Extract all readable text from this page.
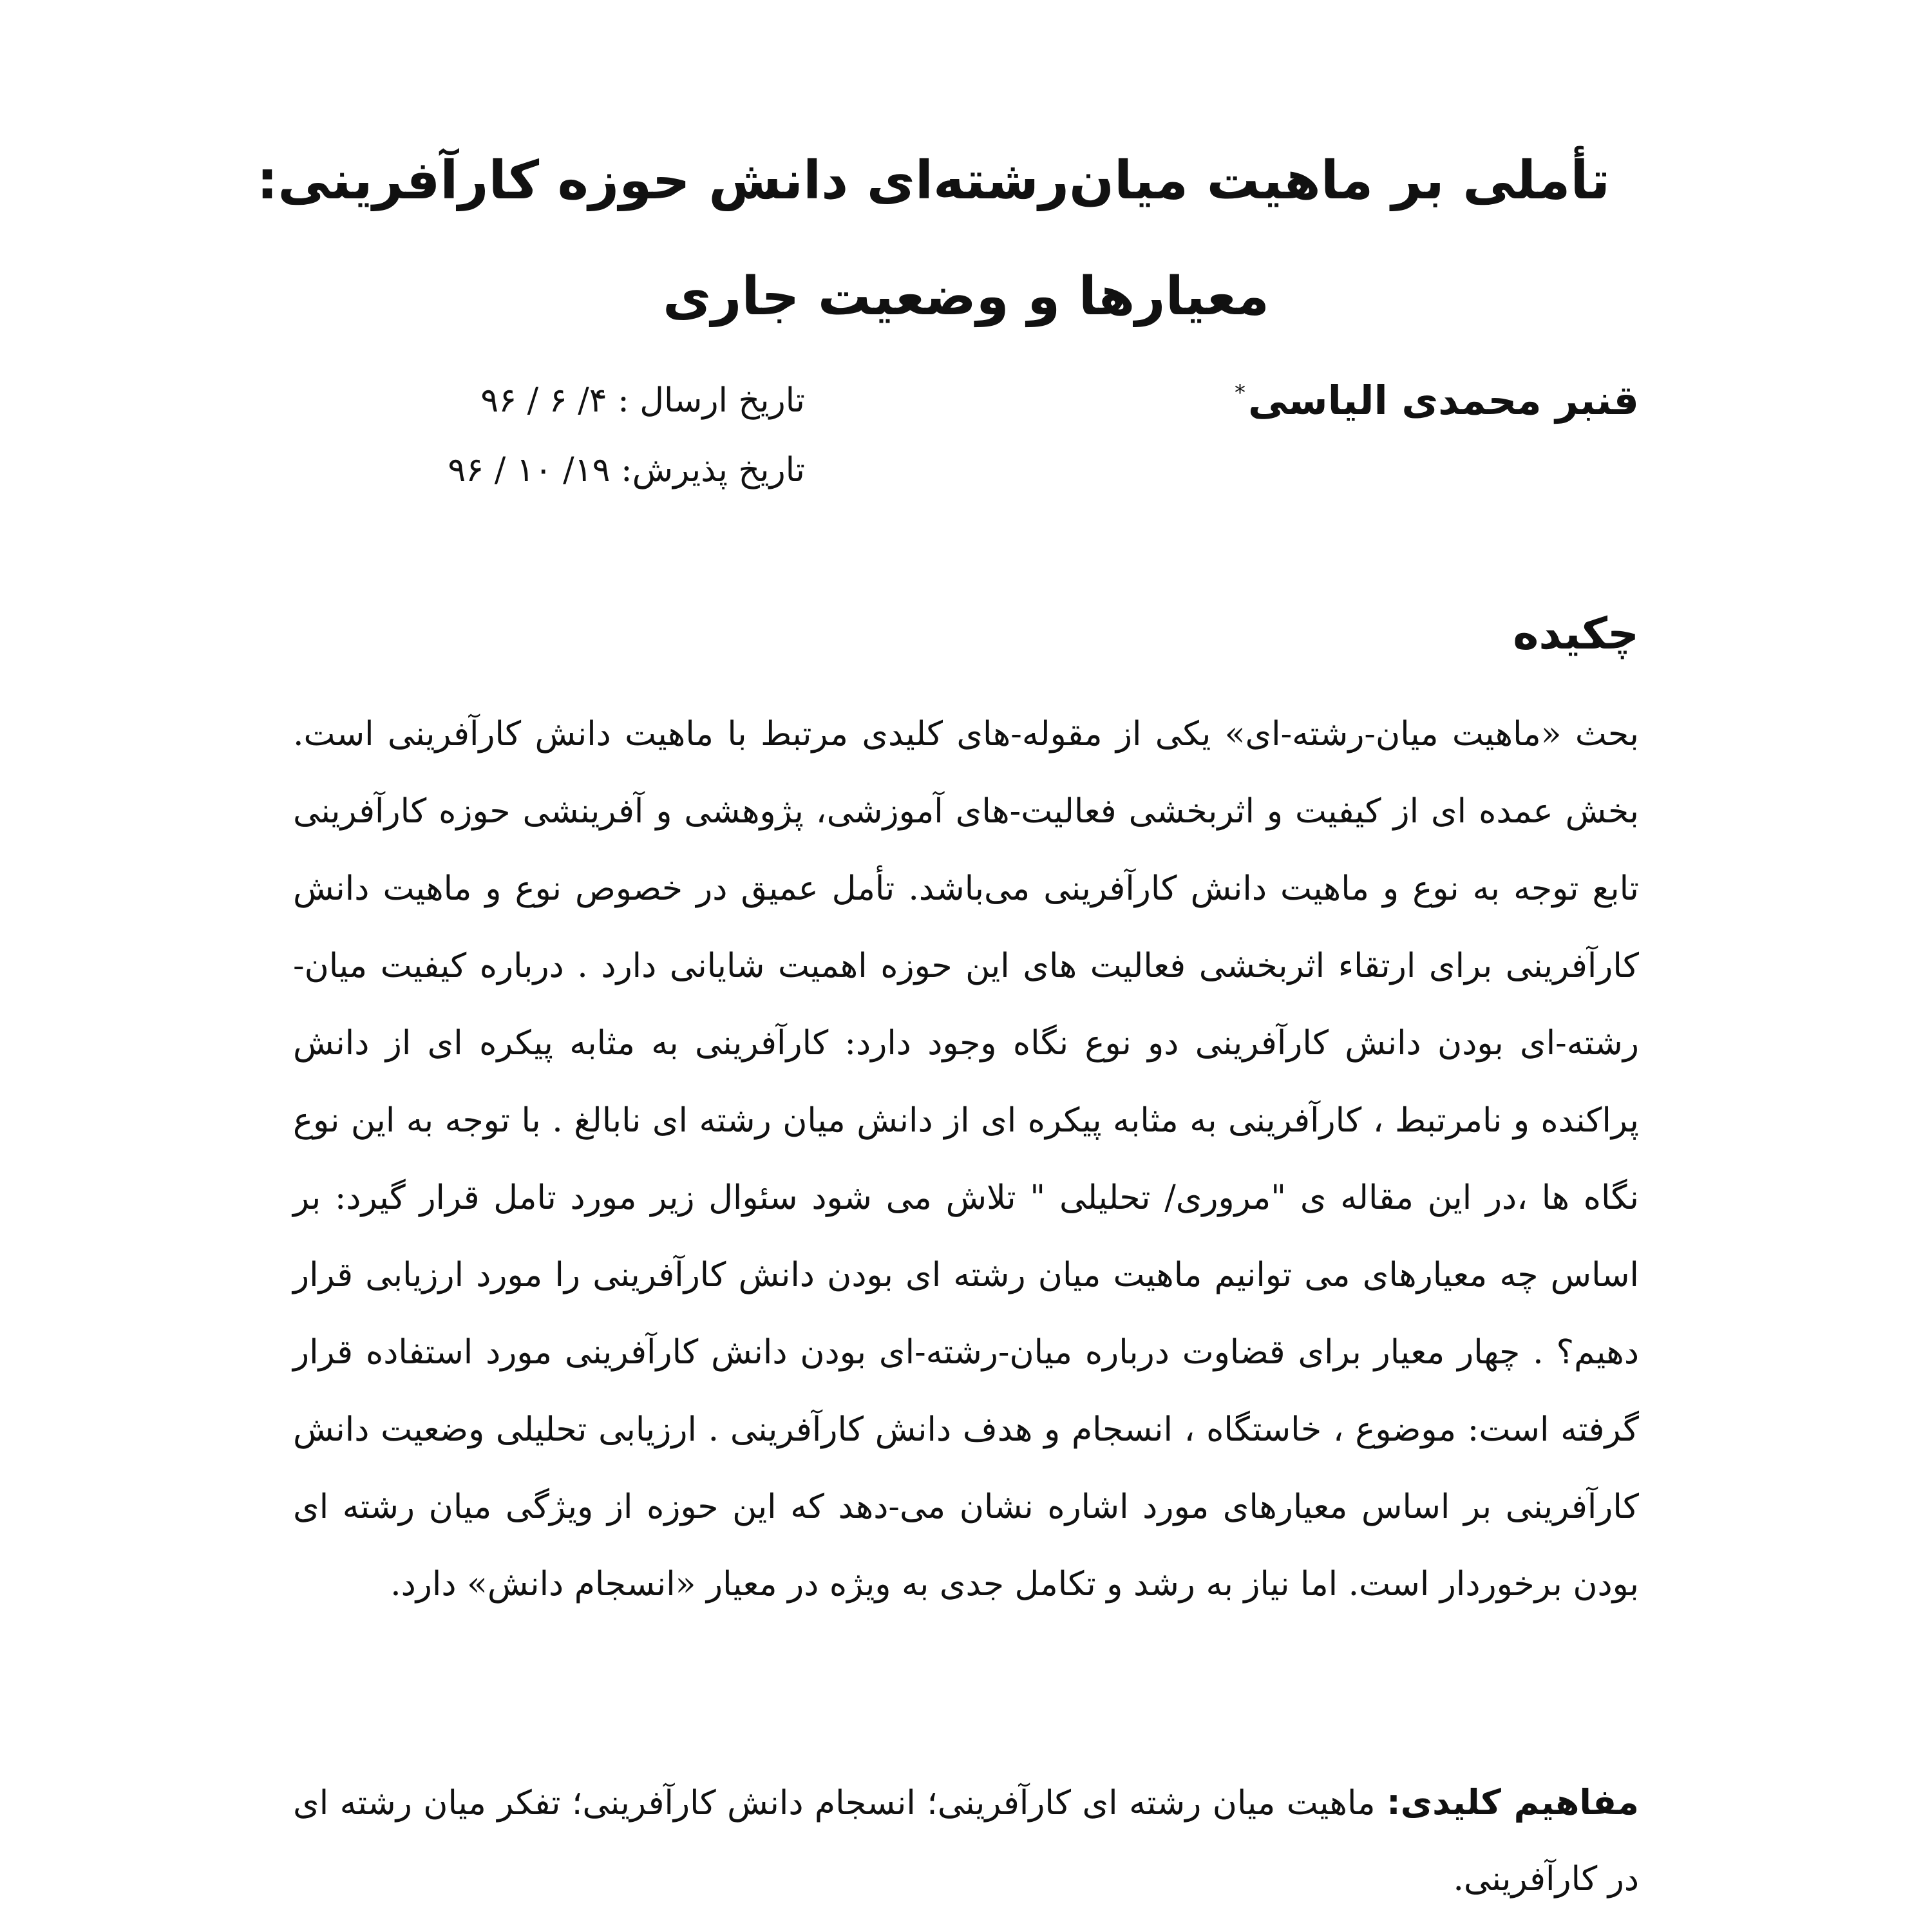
تأملی بر ماهیت میان‌رشته‌ای دانش حوزه کارآفرینی:
معیارها و وضعیت جاری
قنبر محمدی الیاسی*
تاریخ ارسال : ۴/ ۶ / ۹۶
تاریخ پذیرش: ۱۹/ ۱۰ / ۹۶
چکیده

بحث «ماهیت میان-رشته-ای» یکی از مقوله-های کلیدی مرتبط با ماهیت دانش کارآفرینی است. بخش عمده ای از کیفیت و اثربخشی فعالیت-های آموزشی، پژوهشی و آفرینشی حوزه کارآفرینی تابع توجه به نوع و ماهیت دانش کارآفرینی می‌باشد. تأمل عمیق در خصوص نوع و ماهیت دانش کارآفرینی برای ارتقاء اثربخشی فعالیت های این حوزه اهمیت شایانی دارد . درباره کیفیت میان-رشته-ای بودن دانش کارآفرینی دو نوع نگاه وجود دارد: کارآفرینی به مثابه پیکره ای از دانش پراکنده و نامرتبط ، کارآفرینی به مثابه پیکره ای از دانش میان رشته ای نابالغ . با توجه به این نوع نگاه ها ،در این مقاله ی "مروری/ تحلیلی " تلاش می شود سئوال زیر مورد تامل قرار گیرد: بر اساس چه معیارهای می توانیم ماهیت میان رشته ای بودن دانش کارآفرینی را مورد ارزیابی قرار دهیم؟ . چهار معیار برای قضاوت درباره میان-رشته-ای بودن دانش کارآفرینی مورد استفاده قرار گرفته است: موضوع ، خاستگاه ، انسجام و هدف دانش کارآفرینی . ارزیابی تحلیلی وضعیت دانش کارآفرینی بر اساس معیارهای مورد اشاره نشان می-دهد که این حوزه از ویژگی میان رشته ای بودن برخوردار است. اما نیاز به رشد و تکامل جدی به ویژه در معیار «انسجام دانش» دارد.

مفاهیم کلیدی: ماهیت میان رشته ای کارآفرینی؛ انسجام دانش کارآفرینی؛ تفکر میان رشته ای در کارآفرینی.
